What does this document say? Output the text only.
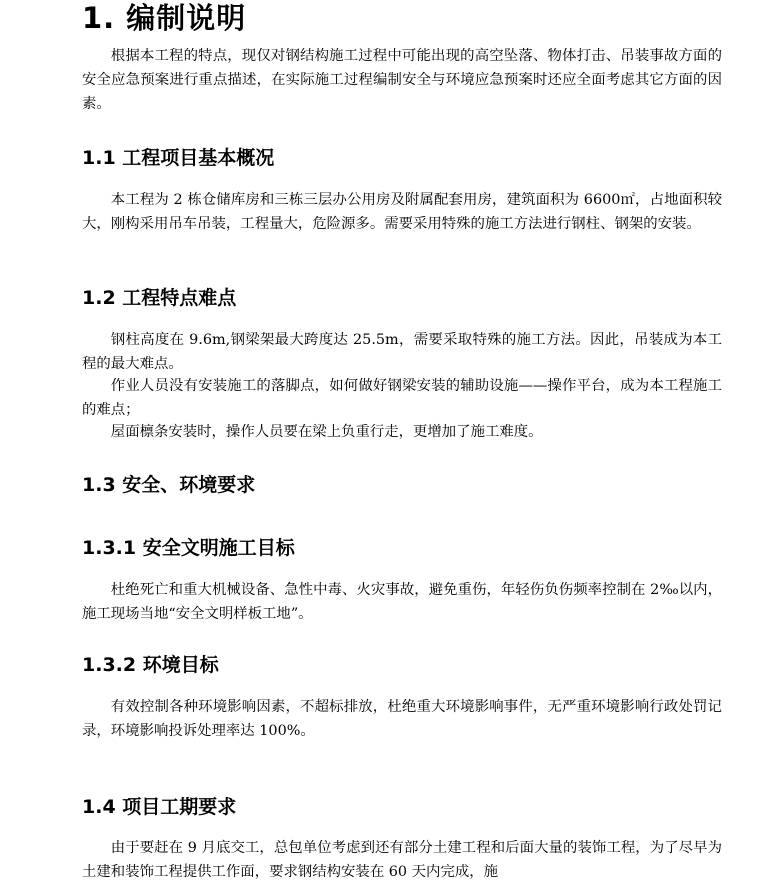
1. 编制说明

根据本工程的特点，现仅对钢结构施工过程中可能出现的高空坠落、物体打击、吊装事故方面的安全应急预案进行重点描述，在实际施工过程编制安全与环境应急预案时还应全面考虑其它方面的因素。

1.1 工程项目基本概况

本工程为 2 栋仓储库房和三栋三层办公用房及附属配套用房，建筑面积为 6600㎡，占地面积较大，刚构采用吊车吊装，工程量大，危险源多。需要采用特殊的施工方法进行钢柱、钢架的安装。

1.2 工程特点难点

钢柱高度在 9.6m,钢梁架最大跨度达 25.5m，需要采取特殊的施工方法。因此，吊装成为本工程的最大难点。

作业人员没有安装施工的落脚点，如何做好钢梁安装的辅助设施——操作平台，成为本工程施工的难点；

屋面檩条安装时，操作人员要在梁上负重行走，更增加了施工难度。

1.3 安全、环境要求
1.3.1 安全文明施工目标

杜绝死亡和重大机械设备、急性中毒、火灾事故，避免重伤，年轻伤负伤频率控制在 2‰以内，施工现场当地“安全文明样板工地”。

1.3.2 环境目标

有效控制各种环境影响因素，不超标排放，杜绝重大环境影响事件，无严重环境影响行政处罚记录，环境影响投诉处理率达 100%。

1.4 项目工期要求

由于要赶在 9 月底交工，总包单位考虑到还有部分土建工程和后面大量的装饰工程，为了尽早为土建和装饰工程提供工作面，要求钢结构安装在 60 天内完成，施
